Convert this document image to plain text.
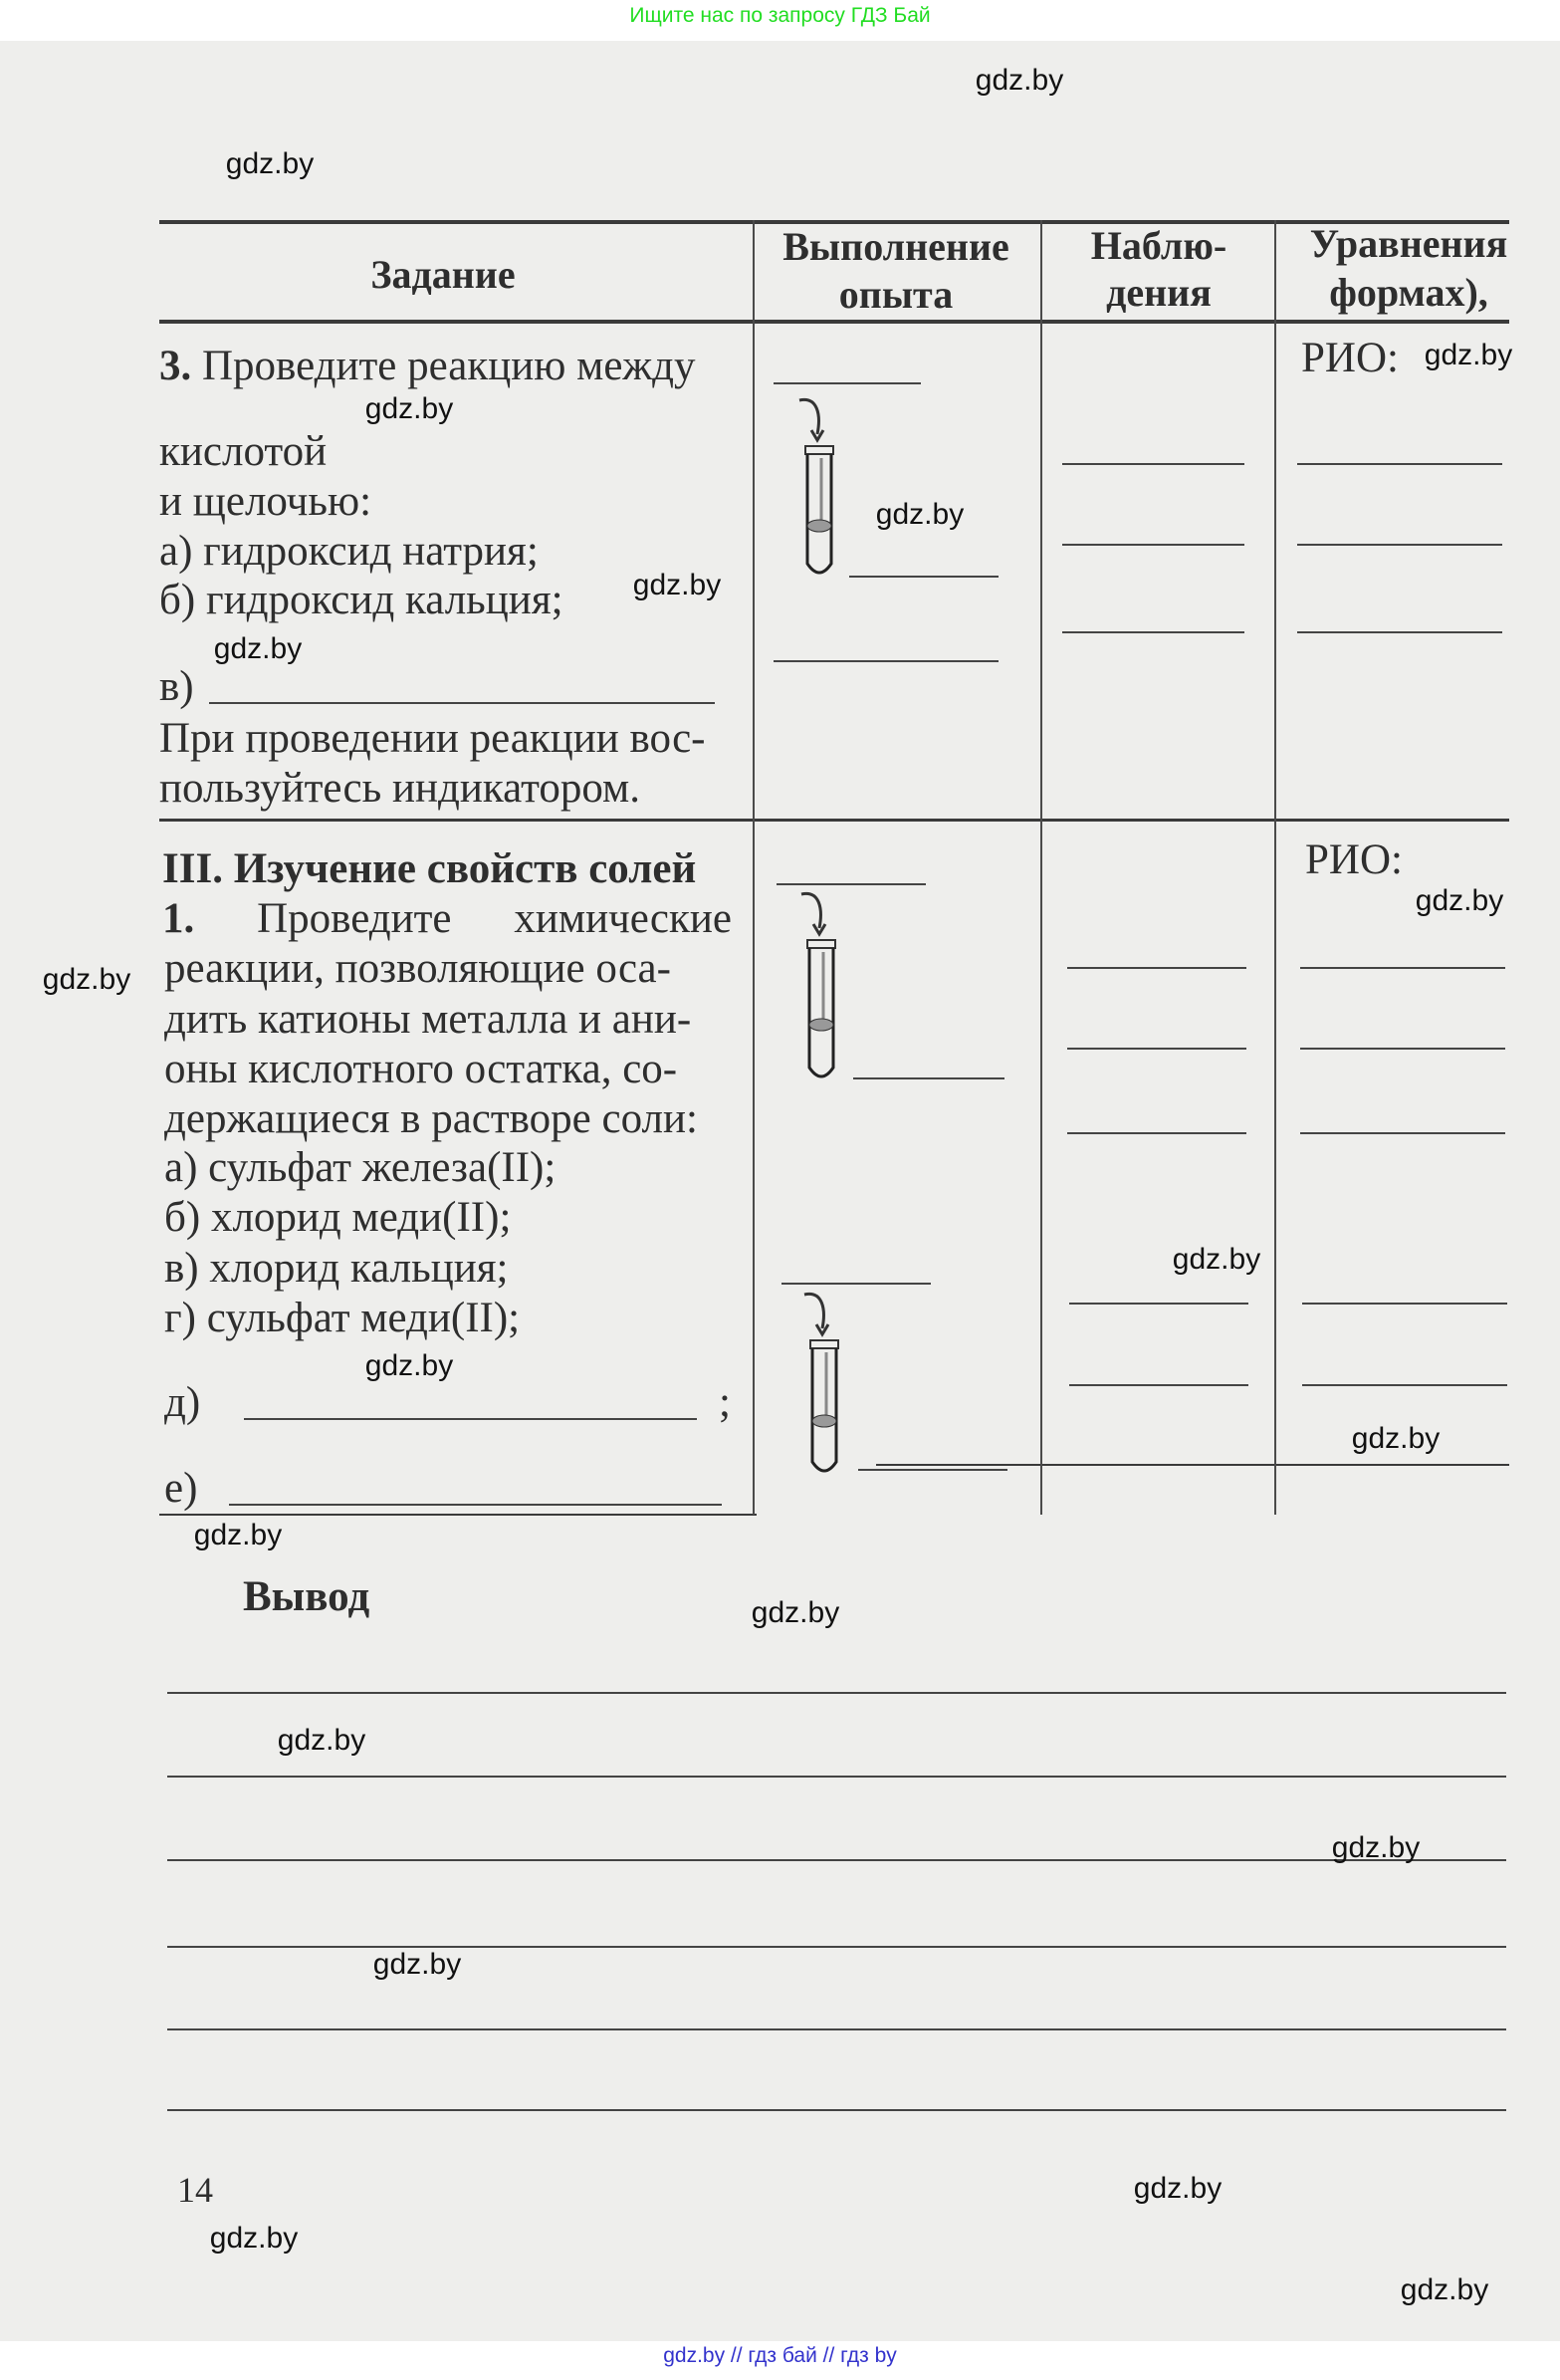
Ищите нас по запросу ГДЗ Бай
Задание
Выполнение
опыта
Наблю-
дения
Уравнения
формах),
3. Проведите реакцию между
кислотой
и щелочью:
а) гидроксид натрия;
б) гидроксид кальция;
в)
При проведении реакции вос-
пользуйтесь индикатором.
III. Изучение свойств солей
1. Проведите химические
реакции, позволяющие оса-
дить катионы металла и ани-
оны кислотного остатка, со-
держащиеся в растворе соли:
а) сульфат железа(II);
б) хлорид меди(II);
в) хлорид кальция;
г) сульфат меди(II);
д)	;
е)
РИО:
РИО:
Вывод
14
gdz.by
gdz.by
gdz.by
gdz.by
gdz.by
gdz.by
gdz.by
gdz.by
gdz.by
gdz.by
gdz.by
gdz.by
gdz.by
gdz.by
gdz.by
gdz.by
gdz.by
gdz.by
gdz.by
gdz.by
gdz.by // гдз бай // гдз by
